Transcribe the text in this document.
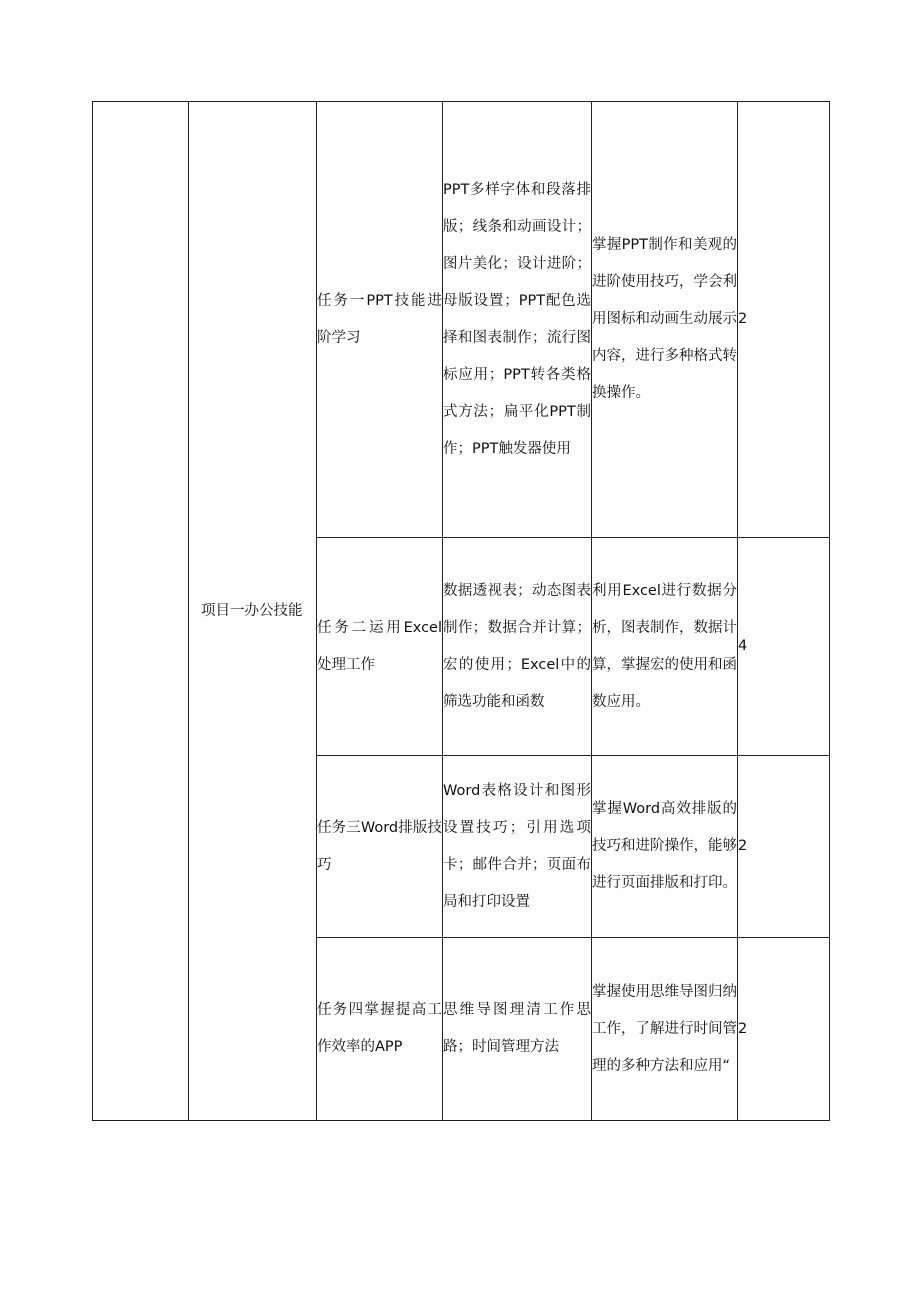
	项目一办公技能	任务一PPT技能进阶学习	PPT多样字体和段落排版；线条和动画设计；图片美化；设计进阶；母版设置；PPT配色选择和图表制作；流行图标应用；PPT转各类格式方法；扁平化PPT制作；PPT触发器使用	掌握PPT制作和美观的进阶使用技巧，学会利用图标和动画生动展示内容，进行多种格式转换操作。	2

		任务二运用Excel处理工作	数据透视表；动态图表制作；数据合并计算；宏的使用；Excel中的筛选功能和函数	利用Excel进行数据分析，图表制作，数据计算，掌握宏的使用和函数应用。	4

		任务三Word排版技巧	Word表格设计和图形设置技巧；引用选项卡；邮件合并；页面布局和打印设置	掌握Word高效排版的技巧和进阶操作，能够进行页面排版和打印。	2

		任务四掌握提高工作效率的APP	思维导图理清工作思路；时间管理方法	掌握使用思维导图归纳工作，了解进行时间管理的多种方法和应用“	2
